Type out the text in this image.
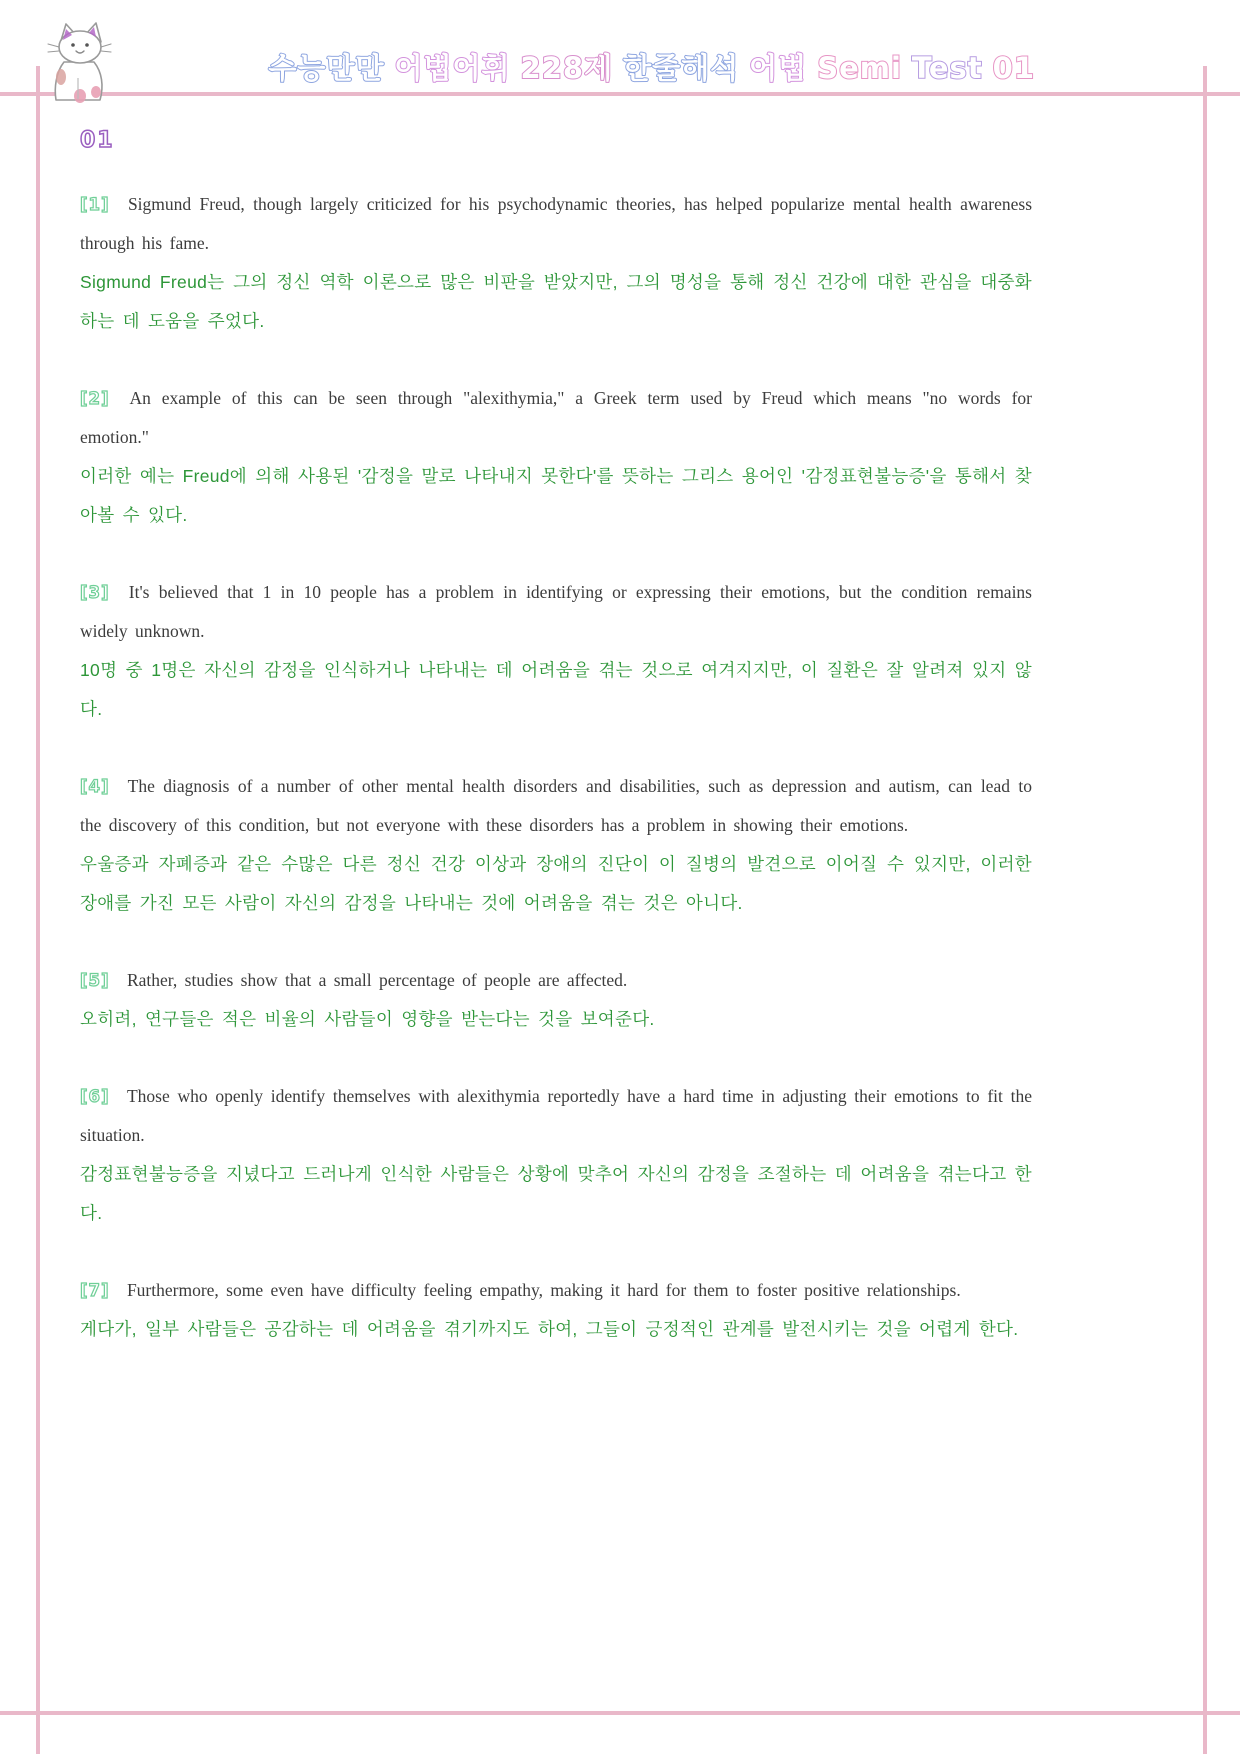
수능만만 어법어휘 228제 한줄해석 어법 Semi Test 01
01

[1] Sigmund Freud, though largely criticized for his psychodynamic theories, has helped popularize mental health awareness through his fame.

Sigmund Freud는 그의 정신 역학 이론으로 많은 비판을 받았지만, 그의 명성을 통해 정신 건강에 대한 관심을 대중화하는 데 도움을 주었다.

[2] An example of this can be seen through "alexithymia," a Greek term used by Freud which means "no words for emotion."

이러한 예는 Freud에 의해 사용된 '감정을 말로 나타내지 못한다'를 뜻하는 그리스 용어인 '감정표현불능증'을 통해서 찾아볼 수 있다.

[3] It's believed that 1 in 10 people has a problem in identifying or expressing their emotions, but the condition remains widely unknown.

10명 중 1명은 자신의 감정을 인식하거나 나타내는 데 어려움을 겪는 것으로 여겨지지만, 이 질환은 잘 알려져 있지 않다.

[4] The diagnosis of a number of other mental health disorders and disabilities, such as depression and autism, can lead to the discovery of this condition, but not everyone with these disorders has a problem in showing their emotions.

우울증과 자폐증과 같은 수많은 다른 정신 건강 이상과 장애의 진단이 이 질병의 발견으로 이어질 수 있지만, 이러한 장애를 가진 모든 사람이 자신의 감정을 나타내는 것에 어려움을 겪는 것은 아니다.

[5] Rather, studies show that a small percentage of people are affected.

오히려, 연구들은 적은 비율의 사람들이 영향을 받는다는 것을 보여준다.

[6] Those who openly identify themselves with alexithymia reportedly have a hard time in adjusting their emotions to fit the situation.

감정표현불능증을 지녔다고 드러나게 인식한 사람들은 상황에 맞추어 자신의 감정을 조절하는 데 어려움을 겪는다고 한다.

[7] Furthermore, some even have difficulty feeling empathy, making it hard for them to foster positive relationships.

게다가, 일부 사람들은 공감하는 데 어려움을 겪기까지도 하여, 그들이 긍정적인 관계를 발전시키는 것을 어렵게 한다.
